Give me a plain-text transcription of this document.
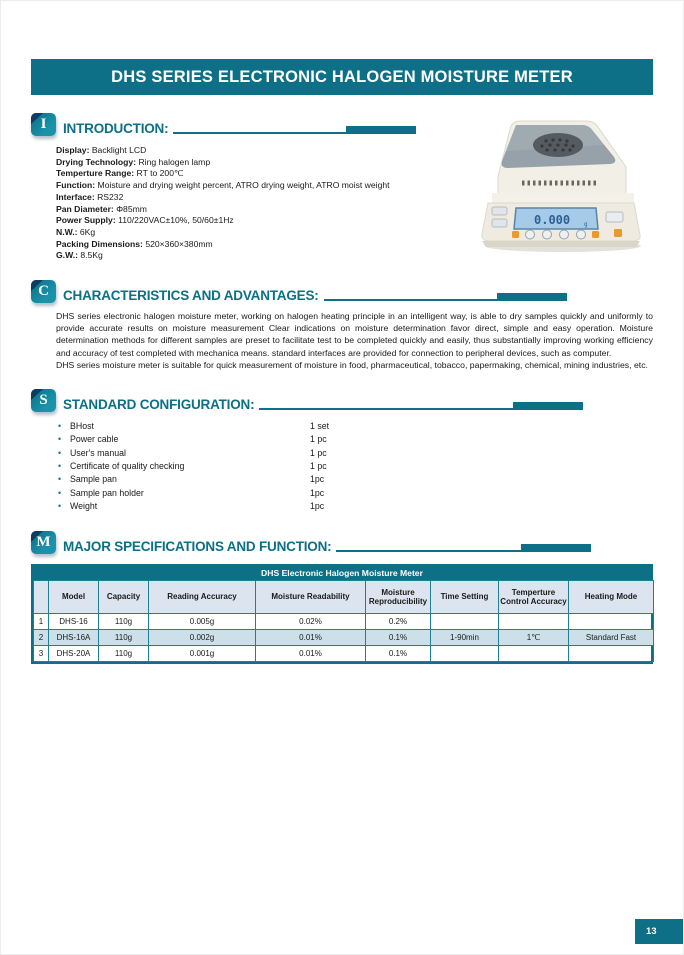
DHS SERIES ELECTRONIC HALOGEN MOISTURE METER
I INTRODUCTION:
Display: Backlight LCD
Drying Technology: Ring halogen lamp
Temperture Range: RT to 200℃
Function: Moisture and drying weight percent, ATRO drying weight, ATRO moist weight
Interface: RS232
Pan Diameter: Φ85mm
Power Supply: 110/220VAC±10%, 50/60±1Hz
N.W.: 6Kg
Packing Dimensions: 520×360×380mm
G.W.: 8.5Kg
0.000 g
C CHARACTERISTICS AND ADVANTAGES:

DHS series electronic halogen moisture meter, working on halogen heating principle in an intelligent way, is able to dry samples quickly and uniformly to provide accurate results on moisture measurement Clear indications on moisture determination favor direct, simple and easy operation. Moisture determination methods for different samples are preset to facilitate test to be completed quickly and easily, thus substantially improving working efficiency and accuracy of test completed with mechanica means. standard interfaces are provided for connection to peripheral devices, such as computer.

DHS series moisture meter is suitable for quick measurement of moisture in food, pharmaceutical, tobacco, papermaking, chemical, mining industries, etc.

S STANDARD CONFIGURATION:
•	BHost	1 set
•	Power cable	1 pc
•	User's manual	1 pc
•	Certificate of quality checking	1 pc
•	Sample pan	1pc
•	Sample pan holder	1pc
•	Weight	1pc
M MAJOR SPECIFICATIONS AND FUNCTION:
DHS Electronic Halogen Moisture Meter
	Model	Capacity	Reading Accuracy	Moisture Readability	Moisture Reproducibility	Time Setting	Temperture Control Accuracy	Heating Mode
1	DHS-16	110g	0.005g	0.02%	0.2%			
2	DHS-16A	110g	0.002g	0.01%	0.1%	1-90min	1℃	Standard Fast
3	DHS-20A	110g	0.001g	0.01%	0.1%			
13
